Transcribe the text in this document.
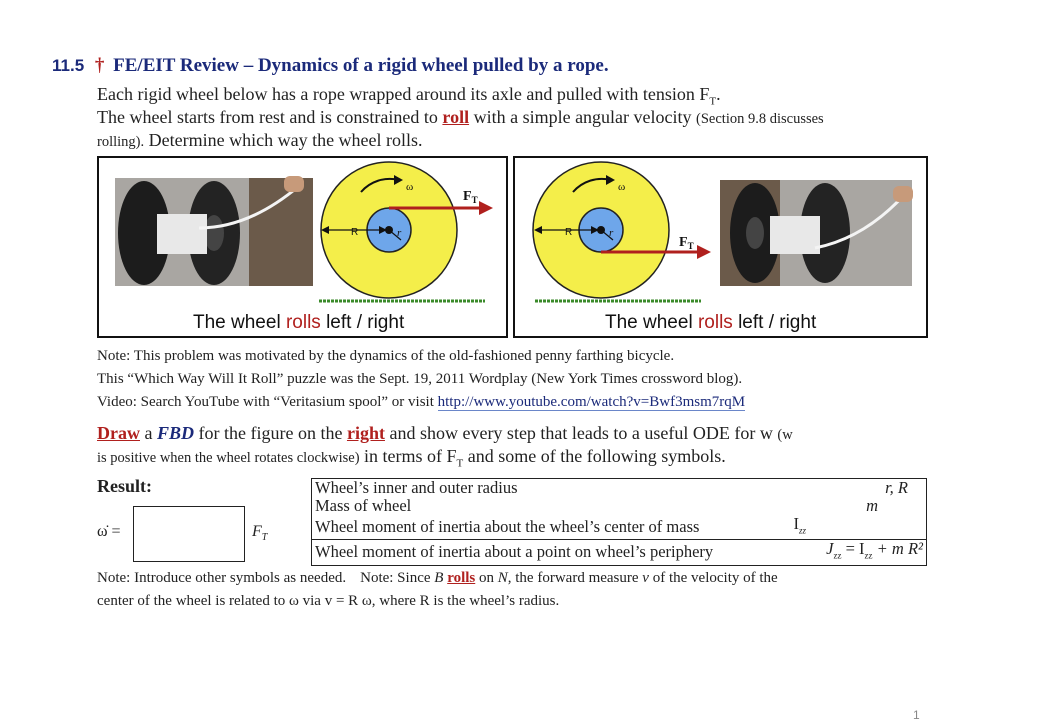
11.5 † FE/EIT Review – Dynamics of a rigid wheel pulled by a rope.
Each rigid wheel below has a rope wrapped around its axle and pulled with tension $F_T$.
The wheel starts from rest and is constrained to roll with a simple angular velocity (Section 9.8 discusses
rolling). Determine which way the wheel rolls.
R	r
ω
$F_T$
The wheel rolls left / right
R	r
ω
$F_T$
The wheel rolls left / right
Note: This problem was motivated by the dynamics of the old-fashioned penny farthing bicycle.
This “Which Way Will It Roll” puzzle was the Sept. 19, 2011 Wordplay (New York Times crossword blog).
Video: Search YouTube with “Veritasium spool” or visit http://www.youtube.com/watch?v=Bwf3msm7rqM
Draw a FBD for the figure on the right and show every step that leads to a useful ODE for w (w
is positive when the wheel rotates clockwise) in terms of $F_T$ and some of the following symbols.
Result:
ω̇ =	$F_T$
Wheel’s inner and outer radius	r, R
Mass of wheel	m
Wheel moment of inertia about the wheel’s center of mass	$I_{zz}$
Wheel moment of inertia about a point on wheel’s periphery	$J_{zz} = I_{zz} + m$ R²
Note: Introduce other symbols as needed. Note: Since B rolls on N, the forward measure v of the velocity of the
center of the wheel is related to ω via v = R ω, where R is the wheel’s radius.
1
